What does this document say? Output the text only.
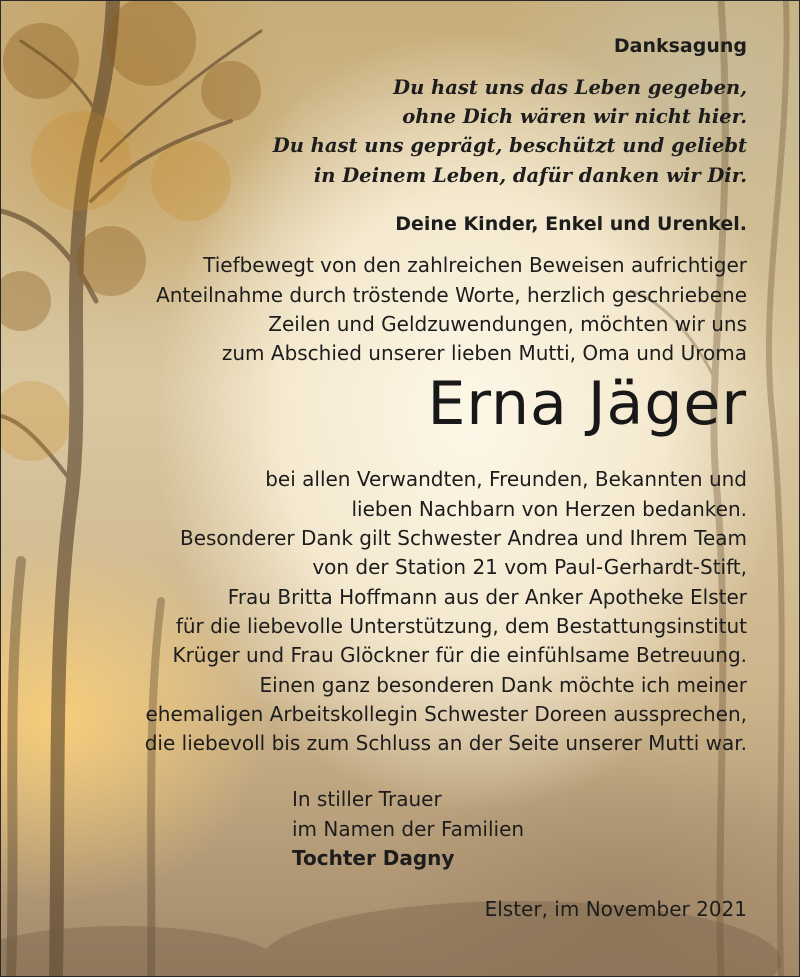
Danksagung
Du hast uns das Leben gegeben,
ohne Dich wären wir nicht hier.
Du hast uns geprägt, beschützt und geliebt
in Deinem Leben, dafür danken wir Dir.
Deine Kinder, Enkel und Urenkel.
Tiefbewegt von den zahlreichen Beweisen aufrichtiger
Anteilnahme durch tröstende Worte, herzlich geschriebene
Zeilen und Geldzuwendungen, möchten wir uns
zum Abschied unserer lieben Mutti, Oma und Uroma
Erna Jäger
bei allen Verwandten, Freunden, Bekannten und
lieben Nachbarn von Herzen bedanken.
Besonderer Dank gilt Schwester Andrea und Ihrem Team
von der Station 21 vom Paul-Gerhardt-Stift,
Frau Britta Hoffmann aus der Anker Apotheke Elster
für die liebevolle Unterstützung, dem Bestattungsinstitut
Krüger und Frau Glöckner für die einfühlsame Betreuung.
Einen ganz besonderen Dank möchte ich meiner
ehemaligen Arbeitskollegin Schwester Doreen aussprechen,
die liebevoll bis zum Schluss an der Seite unserer Mutti war.
In stiller Trauer
im Namen der Familien
Tochter Dagny
Elster, im November 2021
